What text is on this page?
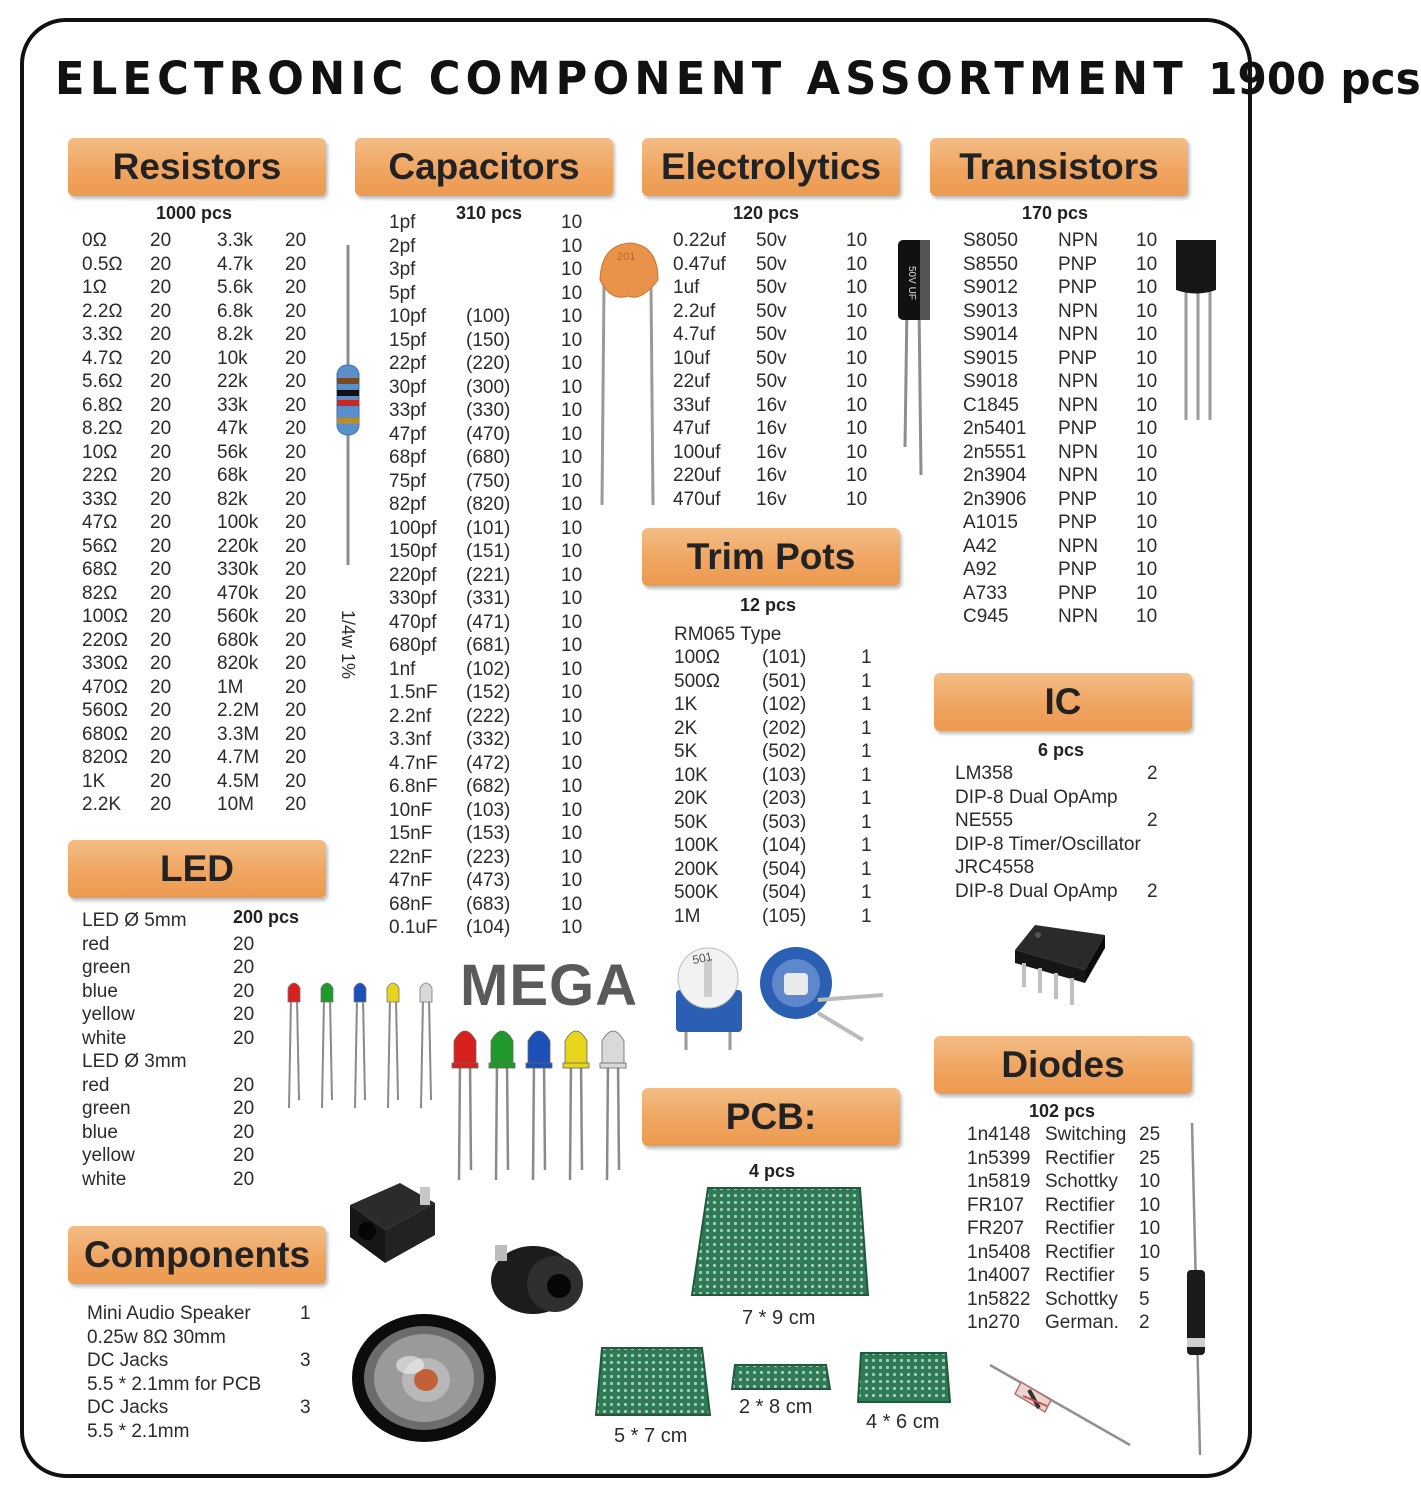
ELECTRONIC COMPONENT ASSORTMENT 1900 pcs
Resistors
1000 pcs
0Ω
0.5Ω
1Ω
2.2Ω
3.3Ω
4.7Ω
5.6Ω
6.8Ω
8.2Ω
10Ω
22Ω
33Ω
47Ω
56Ω
68Ω
82Ω
100Ω
220Ω
330Ω
470Ω
560Ω
680Ω
820Ω
1K
2.2K
20
20
20
20
20
20
20
20
20
20
20
20
20
20
20
20
20
20
20
20
20
20
20
20
20
3.3k
4.7k
5.6k
6.8k
8.2k
10k
22k
33k
47k
56k
68k
82k
100k
220k
330k
470k
560k
680k
820k
1M
2.2M
3.3M
4.7M
4.5M
10M
20
20
20
20
20
20
20
20
20
20
20
20
20
20
20
20
20
20
20
20
20
20
20
20
20
1/4w 1%
Capacitors
310 pcs
1pf
2pf
3pf
5pf
10pf
15pf
22pf
30pf
33pf
47pf
68pf
75pf
82pf
100pf
150pf
220pf
330pf
470pf
680pf
1nf
1.5nF
2.2nf
3.3nf
4.7nF
6.8nF
10nF
15nF
22nF
47nF
68nF
0.1uF
(100)
(150)
(220)
(300)
(330)
(470)
(680)
(750)
(820)
(101)
(151)
(221)
(331)
(471)
(681)
(102)
(152)
(222)
(332)
(472)
(682)
(103)
(153)
(223)
(473)
(683)
(104)
10
10
10
10
10
10
10
10
10
10
10
10
10
10
10
10
10
10
10
10
10
10
10
10
10
10
10
10
10
10
10
201
Electrolytics
120 pcs
0.22uf
0.47uf
1uf
2.2uf
4.7uf
10uf
22uf
33uf
47uf
100uf
220uf
470uf
50v
50v
50v
50v
50v
50v
50v
16v
16v
16v
16v
16v
10
10
10
10
10
10
10
10
10
10
10
10
50V UF
Transistors
170 pcs
S8050
S8550
S9012
S9013
S9014
S9015
S9018
C1845
2n5401
2n5551
2n3904
2n3906
A1015
A42
A92
A733
C945
NPN
PNP
PNP
NPN
NPN
PNP
NPN
NPN
PNP
NPN
NPN
PNP
PNP
NPN
PNP
PNP
NPN
10
10
10
10
10
10
10
10
10
10
10
10
10
10
10
10
10
Trim Pots
12 pcs
RM065 Type
100Ω
500Ω
1K
2K
5K
10K
20K
50K
100K
200K
500K
1M
(101)
(501)
(102)
(202)
(502)
(103)
(203)
(503)
(104)
(504)
(504)
(105)
1
1
1
1
1
1
1
1
1
1
1
1
501
IC
6 pcs
LM358
DIP-8 Dual OpAmp
NE555
DIP-8 Timer/Oscillator
JRC4558
DIP-8 Dual OpAmp
2
2
2
LED
200 pcs
LED Ø 5mm
red
green
blue
yellow
white
LED Ø 3mm
red
green
blue
yellow
white
20
20
20
20
20
20
20
20
20
20
MEGA
Components
Mini Audio Speaker
0.25w 8Ω 30mm
DC Jacks
5.5 * 2.1mm for PCB
DC Jacks
5.5 * 2.1mm
1
3
3
PCB:
4 pcs
7 * 9 cm
5 * 7 cm
2 * 8 cm
4 * 6 cm
Diodes
102 pcs
1n4148
1n5399
1n5819
FR107
FR207
1n5408
1n4007
1n5822
1n270
Switching
Rectifier
Schottky
Rectifier
Rectifier
Rectifier
Rectifier
Schottky
German.
25
25
10
10
10
10
5
5
2
